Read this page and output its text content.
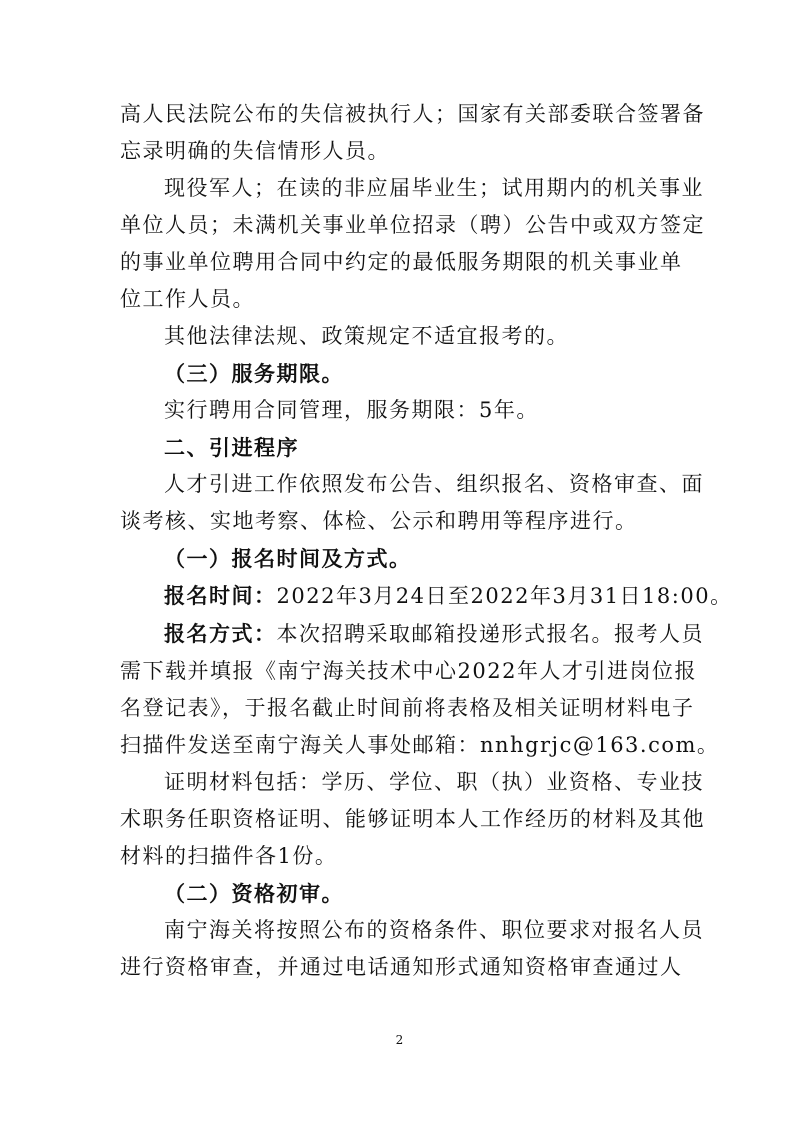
高人民法院公布的失信被执行人；国家有关部委联合签署备
忘录明确的失信情形人员。
现役军人；在读的非应届毕业生；试用期内的机关事业
单位人员；未满机关事业单位招录（聘）公告中或双方签定
的事业单位聘用合同中约定的最低服务期限的机关事业单
位工作人员。
其他法律法规、政策规定不适宜报考的。
（三）服务期限。
实行聘用合同管理，服务期限：5年。
二、引进程序
人才引进工作依照发布公告、组织报名、资格审查、面
谈考核、实地考察、体检、公示和聘用等程序进行。
（一）报名时间及方式。
报名时间：2022年3月24日至2022年3月31日18:00。
报名方式：本次招聘采取邮箱投递形式报名。报考人员
需下载并填报《南宁海关技术中心2022年人才引进岗位报
名登记表》，于报名截止时间前将表格及相关证明材料电子
扫描件发送至南宁海关人事处邮箱：nnhgrjc@163.com。
证明材料包括：学历、学位、职（执）业资格、专业技
术职务任职资格证明、能够证明本人工作经历的材料及其他
材料的扫描件各1份。
（二）资格初审。
南宁海关将按照公布的资格条件、职位要求对报名人员
进行资格审查，并通过电话通知形式通知资格审查通过人
2
